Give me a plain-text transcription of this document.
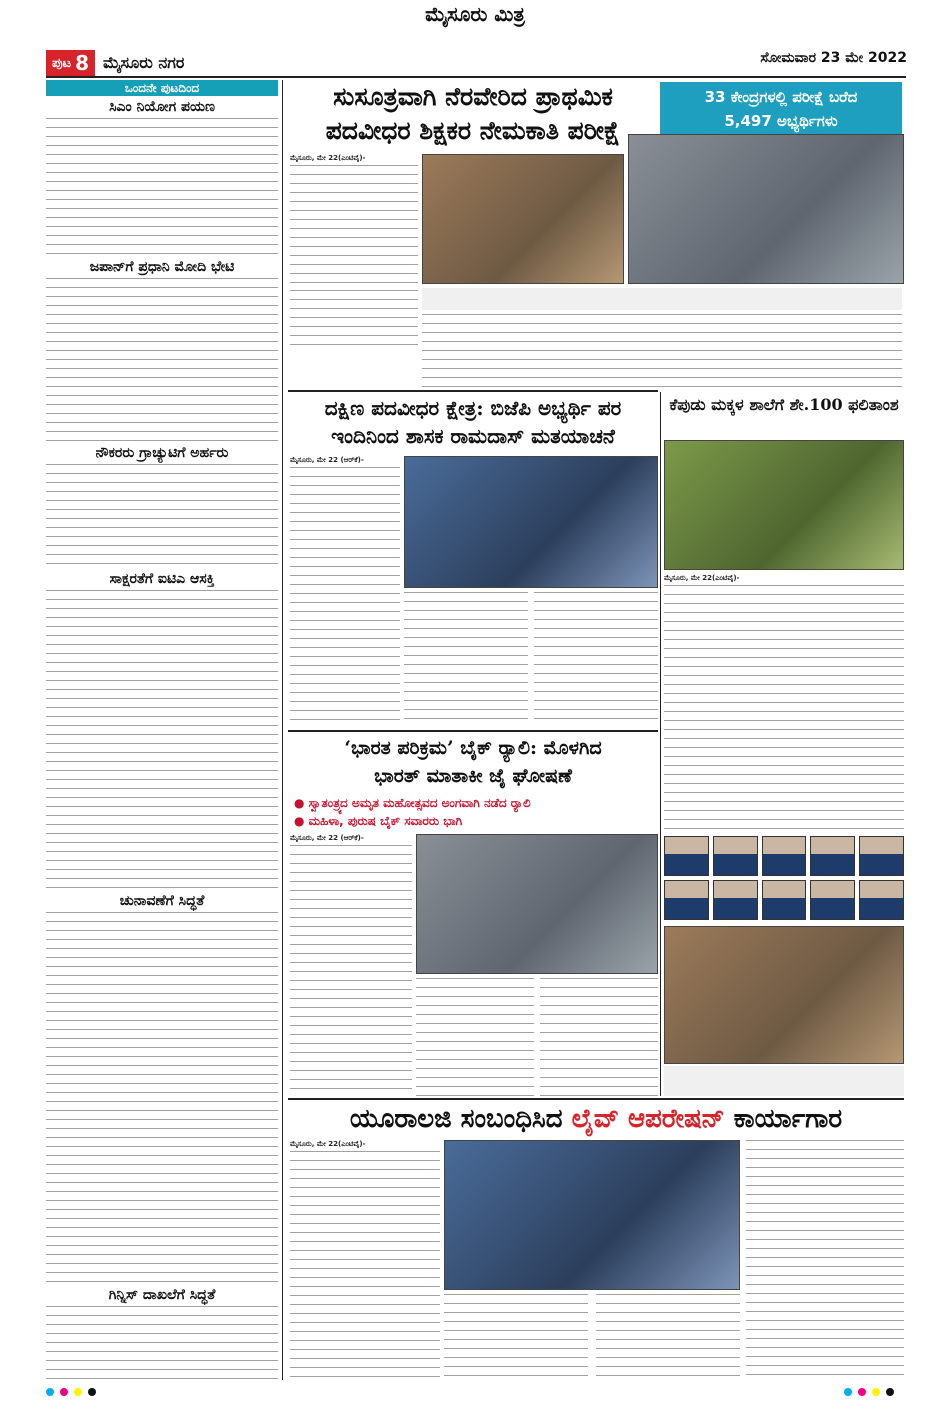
ಪುಟ 8 ಮೈಸೂರು ನಗರ
ಮೈಸೂರು ಮಿತ್ರ
ಸೋಮವಾರ 23 ಮೇ 2022
ಒಂದನೇ ಪುಟದಿಂದ
ಸಿಎಂ ನಿಯೋಗ ಪಯಣ
ಜಪಾನ್‌ಗೆ ಪ್ರಧಾನಿ ಮೋದಿ ಭೇಟಿ
ನೌಕರರು ಗ್ರಾಚ್ಯುಟಿಗೆ ಅರ್ಹರು
ಸಾಕ್ಷರತೆಗೆ ಐಟಿಎ ಆಸಕ್ತಿ
ಚುನಾವಣೆಗೆ ಸಿದ್ಧತೆ
ಗಿನ್ನಿಸ್ ದಾಖಲೆಗೆ ಸಿದ್ಧತೆ
ಸುಸೂತ್ರವಾಗಿ ನೆರವೇರಿದ ಪ್ರಾಥಮಿಕ
ಪದವೀಧರ ಶಿಕ್ಷಕರ ನೇಮಕಾತಿ ಪರೀಕ್ಷೆ
33 ಕೇಂದ್ರಗಳಲ್ಲಿ ಪರೀಕ್ಷೆ ಬರೆದ
5,497 ಅಭ್ಯರ್ಥಿಗಳು
ಮೈಸೂರು, ಮೇ 22(ಎಂಟಿವೈ)-
ದಕ್ಷಿಣ ಪದವೀಧರ ಕ್ಷೇತ್ರ: ಬಿಜೆಪಿ ಅಭ್ಯರ್ಥಿ ಪರ
ಇಂದಿನಿಂದ ಶಾಸಕ ರಾಮದಾಸ್ ಮತಯಾಚನೆ
ಮೈಸೂರು, ಮೇ 22 (ಆರ್‌ಕೆ)-
‘ಭಾರತ ಪರಿಕ್ರಮ’ ಬೈಕ್ ರ‍್ಯಾಲಿ: ಮೊಳಗಿದ
ಭಾರತ್ ಮಾತಾಕೀ ಜೈ ಘೋಷಣೆ
● ಸ್ವಾತಂತ್ರ್ಯದ ಅಮೃತ ಮಹೋತ್ಸವದ ಅಂಗವಾಗಿ ನಡೆದ ರ‍್ಯಾಲಿ
● ಮಹಿಳಾ, ಪುರುಷ ಬೈಕ್ ಸವಾರರು ಭಾಗಿ
ಮೈಸೂರು, ಮೇ 22 (ಆರ್‌ಕೆ)-
ಕೆಪುಡು ಮಕ್ಕಳ ಶಾಲೆಗೆ ಶೇ.100 ಫಲಿತಾಂಶ
ಮೈಸೂರು, ಮೇ 22(ಎಂಟಿವೈ)-
ಯೂರಾಲಜಿ ಸಂಬಂಧಿಸಿದ ಲೈವ್ ಆಪರೇಷನ್ ಕಾರ್ಯಾಗಾರ
ಮೈಸೂರು, ಮೇ 22(ಎಂಟಿವೈ)-
